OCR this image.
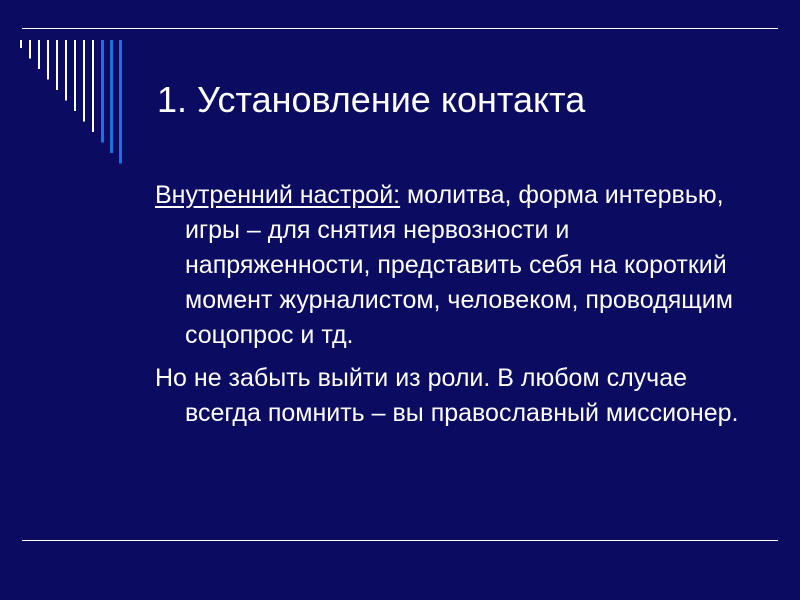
1. Установление контакта

Внутренний настрой: молитва, форма интервью, игры – для снятия нервозности и напряженности, представить себя на короткий момент журналистом, человеком, проводящим соцопрос и тд.

Но не забыть выйти из роли. В любом случае всегда помнить – вы православный миссионер.
